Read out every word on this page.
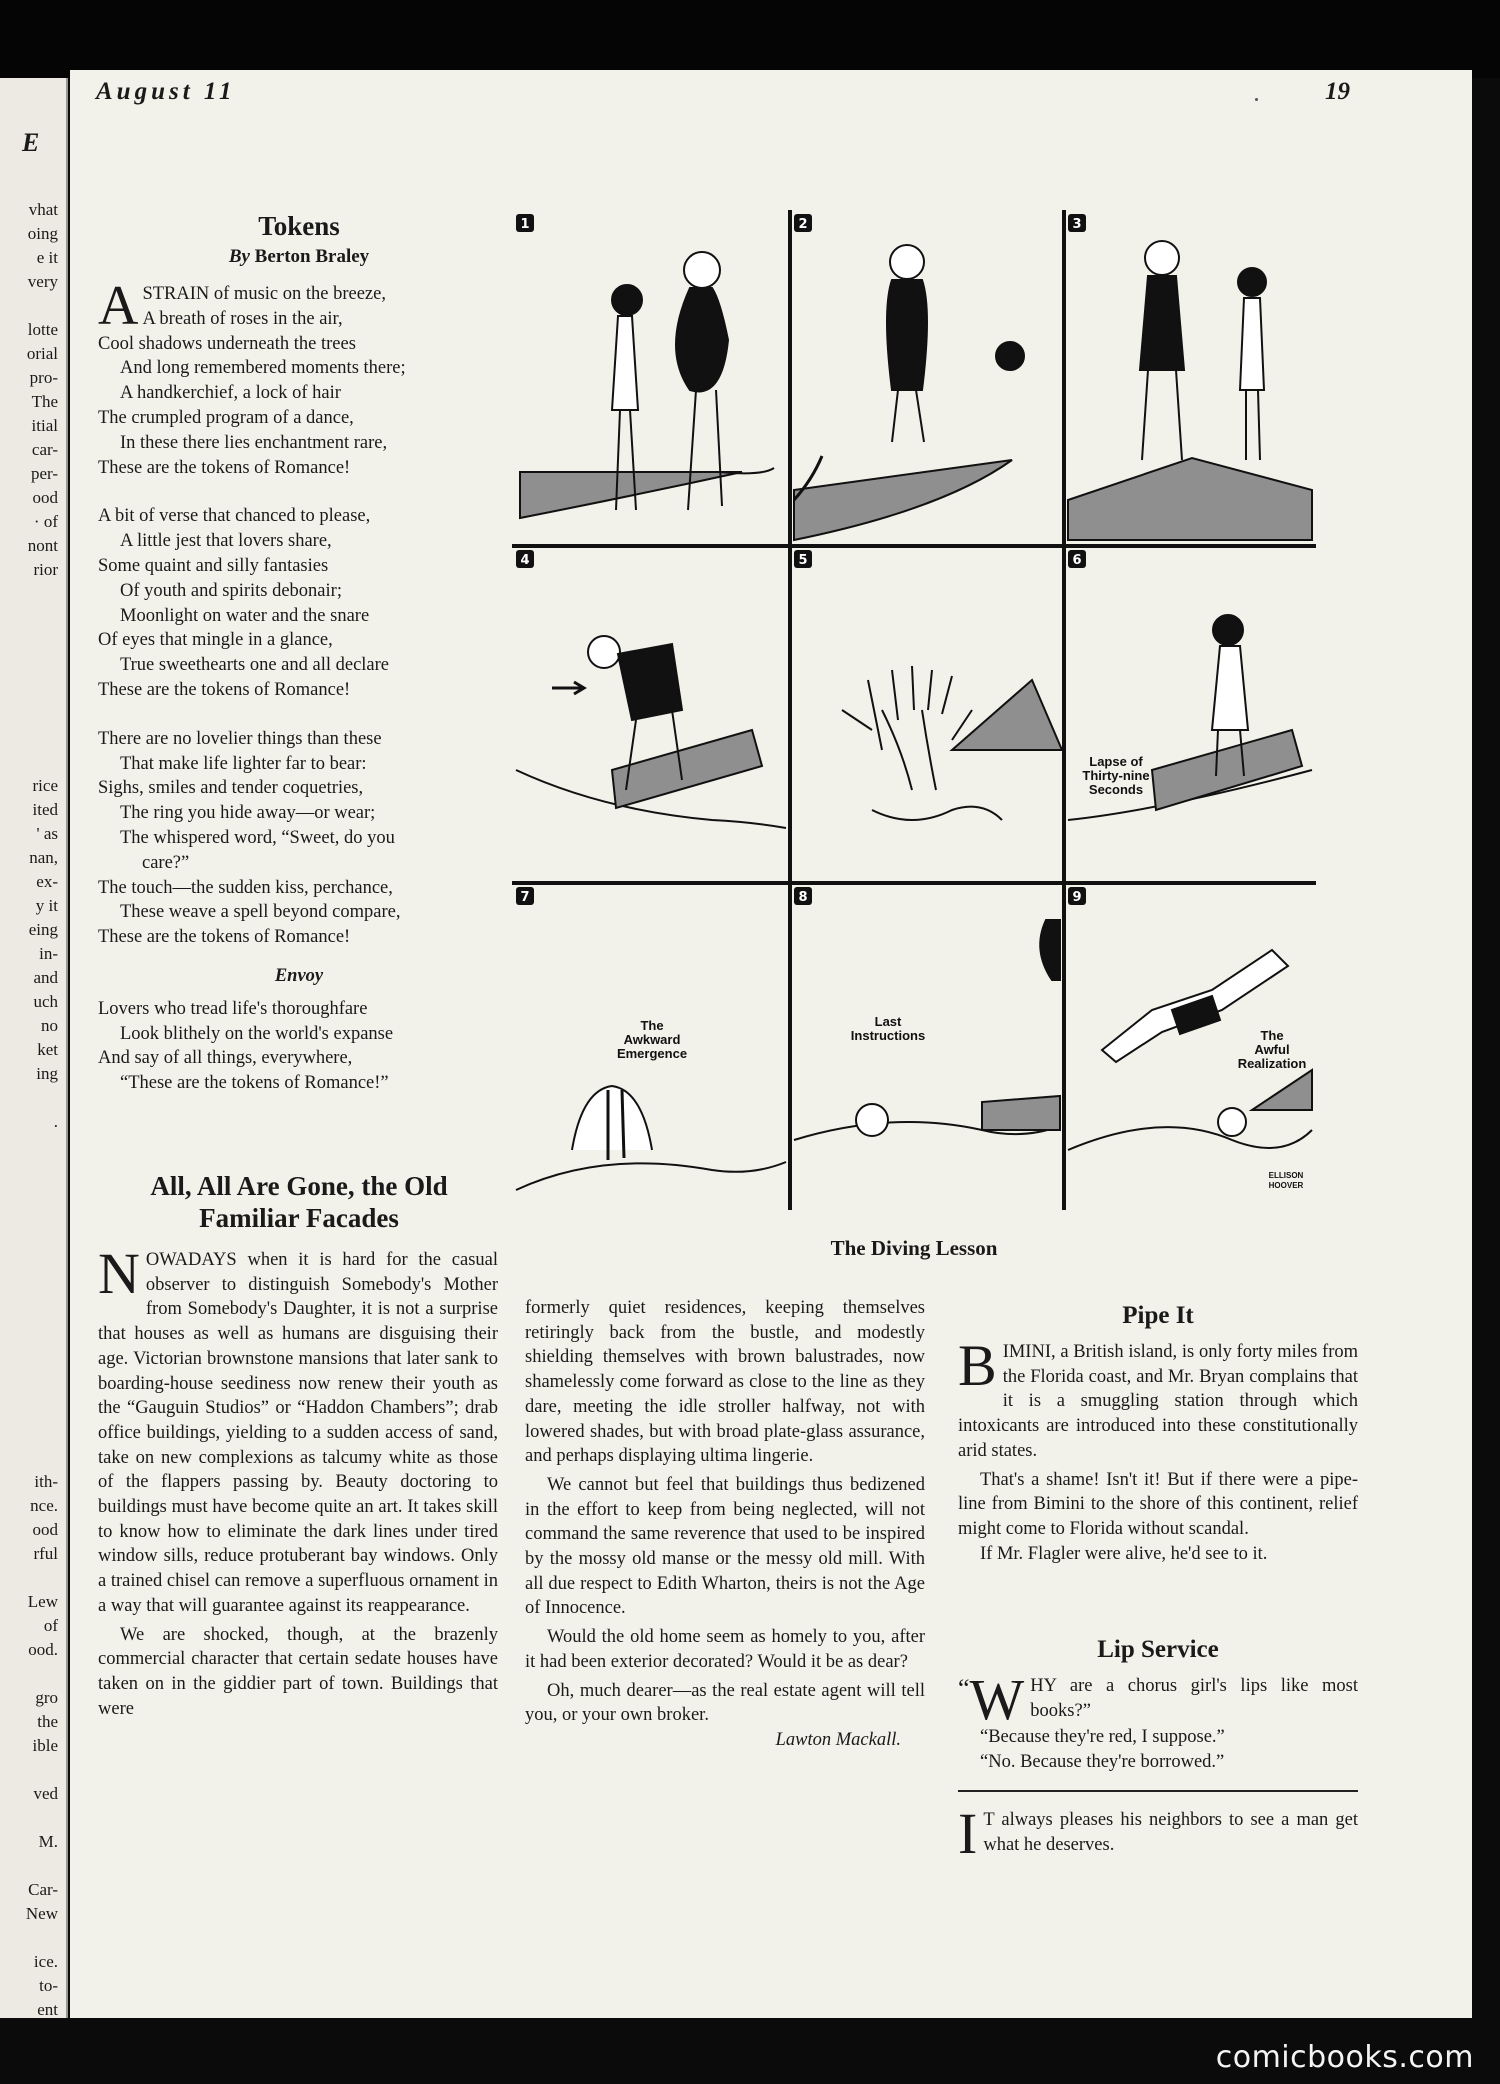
E
vhat
oing
e it
very
lotte
orial
pro-
The
itial
car-
per-
ood
· of
nont
rior
rice
ited
' as
nan,
ex-
y it
eing
in-
and
uch
no
ket
ing
.
ith-
nce.
ood
rful
Lew
of
ood.
gro
the
ible
ved
M.
Car-
New
ice.
to-
ent
August 11	19
Tokens
By Berton Braley
A STRAIN of music on the breeze,
A breath of roses in the air,
Cool shadows underneath the trees
And long remembered moments there;
A handkerchief, a lock of hair
The crumpled program of a dance,
In these there lies enchantment rare,
These are the tokens of Romance!
A bit of verse that chanced to please,
A little jest that lovers share,
Some quaint and silly fantasies
Of youth and spirits debonair;
Moonlight on water and the snare
Of eyes that mingle in a glance,
True sweethearts one and all declare
These are the tokens of Romance!
There are no lovelier things than these
That make life lighter far to bear:
Sighs, smiles and tender coquetries,
The ring you hide away—or wear;
The whispered word, “Sweet, do you
care?”
The touch—the sudden kiss, perchance,
These weave a spell beyond compare,
These are the tokens of Romance!
Envoy
Lovers who tread life's thoroughfare
Look blithely on the world's expanse
And say of all things, everywhere,
“These are the tokens of Romance!”
All, All Are Gone, the Old
Familiar Facades

NOWADAYS when it is hard for the casual observer to distinguish Somebody's Mother from Somebody's Daughter, it is not a surprise that houses as well as humans are disguising their age. Victorian brownstone mansions that later sank to boarding-house seediness now renew their youth as the “Gauguin Studios” or “Haddon Chambers”; drab office buildings, yielding to a sudden access of sand, take on new complexions as talcumy white as those of the flappers passing by. Beauty doctoring to buildings must have become quite an art. It takes skill to know how to eliminate the dark lines under tired window sills, reduce protuberant bay windows. Only a trained chisel can remove a superfluous ornament in a way that will guarantee against its reappearance.

We are shocked, though, at the brazenly commercial character that certain sedate houses have taken on in the giddier part of town. Buildings that were

formerly quiet residences, keeping themselves retiringly back from the bustle, and modestly shielding themselves with brown balustrades, now shamelessly come forward as close to the line as they dare, meeting the idle stroller halfway, not with lowered shades, but with broad plate-glass assurance, and perhaps displaying ultima lingerie.

We cannot but feel that buildings thus bedizened in the effort to keep from being neglected, will not command the same reverence that used to be inspired by the mossy old manse or the messy old mill. With all due respect to Edith Wharton, theirs is not the Age of Innocence.

Would the old home seem as homely to you, after it had been exterior decorated? Would it be as dear?

Oh, much dearer—as the real estate agent will tell you, or your own broker.

Lawton Mackall.
1	2	3
4	5	6
7	8	9
Lapse of
Thirty-nine
Seconds
The
Awkward
Emergence
Last
Instructions	The
Awful
Realization
ELLISON
HOOVER
The Diving Lesson
Pipe It

BIMINI, a British island, is only forty miles from the Florida coast, and Mr. Bryan complains that it is a smuggling station through which intoxicants are introduced into these constitutionally arid states.

That's a shame! Isn't it! But if there were a pipe-line from Bimini to the shore of this continent, relief might come to Florida without scandal.

If Mr. Flagler were alive, he'd see to it.

Lip Service

“ W HY are a chorus girl's lips like most books?”

“Because they're red, I suppose.”

“No. Because they're borrowed.”

I T always pleases his neighbors to see a man get what he deserves.

comicbooks.com
